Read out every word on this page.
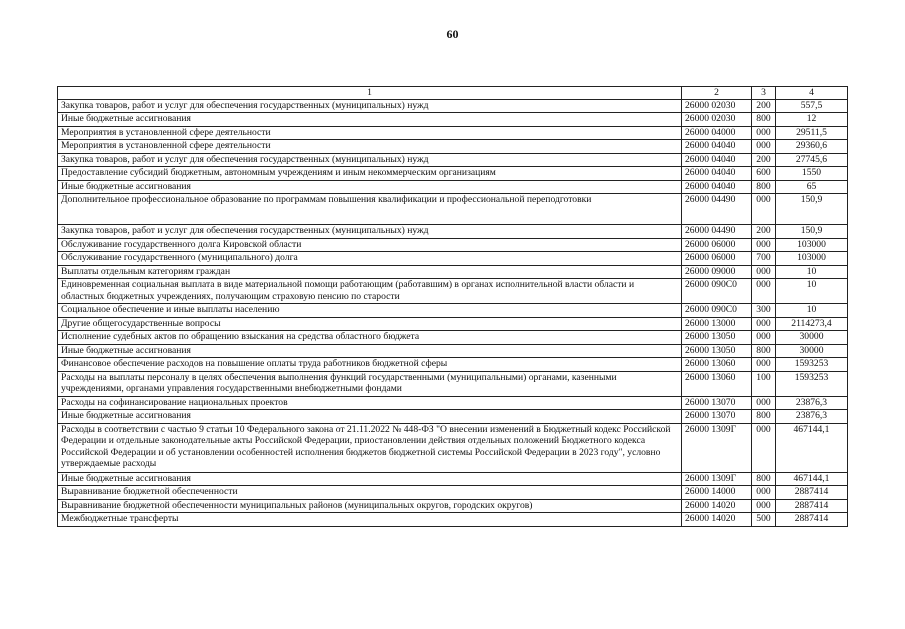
60
1	2	3	4
Закупка товаров, работ и услуг для обеспечения государственных (муниципальных) нужд	26000 02030	200	557,5
Иные бюджетные ассигнования	26000 02030	800	12
Мероприятия в установленной сфере деятельности	26000 04000	000	29511,5
Мероприятия в установленной сфере деятельности	26000 04040	000	29360,6
Закупка товаров, работ и услуг для обеспечения государственных (муниципальных) нужд	26000 04040	200	27745,6
Предоставление субсидий бюджетным, автономным учреждениям и иным некоммерческим организациям	26000 04040	600	1550
Иные бюджетные ассигнования	26000 04040	800	65
Дополнительное профессиональное образование по программам повышения квалификации и профессиональной переподготовки	26000 04490	000	150,9
Закупка товаров, работ и услуг для обеспечения государственных (муниципальных) нужд	26000 04490	200	150,9
Обслуживание государственного долга Кировской области	26000 06000	000	103000
Обслуживание государственного (муниципального) долга	26000 06000	700	103000
Выплаты отдельным категориям граждан	26000 09000	000	10
Единовременная социальная выплата в виде материальной помощи работающим (работавшим) в органах исполнительной власти области и областных бюджетных учреждениях, получающим страховую пенсию по старости	26000 090С0	000	10
Социальное обеспечение и иные выплаты населению	26000 090С0	300	10
Другие общегосударственные вопросы	26000 13000	000	2114273,4
Исполнение судебных актов по обращению взыскания на средства областного бюджета	26000 13050	000	30000
Иные бюджетные ассигнования	26000 13050	800	30000
Финансовое обеспечение расходов на повышение оплаты труда работников бюджетной сферы	26000 13060	000	1593253
Расходы на выплаты персоналу в целях обеспечения выполнения функций государственными (муниципальными) органами, казенными учреждениями, органами управления государственными внебюджетными фондами	26000 13060	100	1593253
Расходы на софинансирование национальных проектов	26000 13070	000	23876,3
Иные бюджетные ассигнования	26000 13070	800	23876,3
Расходы в соответствии с частью 9 статьи 10 Федерального закона от 21.11.2022 № 448-ФЗ "О внесении изменений в Бюджетный кодекс Российской Федерации и отдельные законодательные акты Российской Федерации, приостановлении действия отдельных положений Бюджетного кодекса Российской Федерации и об установлении особенностей исполнения бюджетов бюджетной системы Российской Федерации в 2023 году", условно утверждаемые расходы	26000 1309Г	000	467144,1
Иные бюджетные ассигнования	26000 1309Г	800	467144,1
Выравнивание бюджетной обеспеченности	26000 14000	000	2887414
Выравнивание бюджетной обеспеченности муниципальных районов (муниципальных округов, городских округов)	26000 14020	000	2887414
Межбюджетные трансферты	26000 14020	500	2887414
